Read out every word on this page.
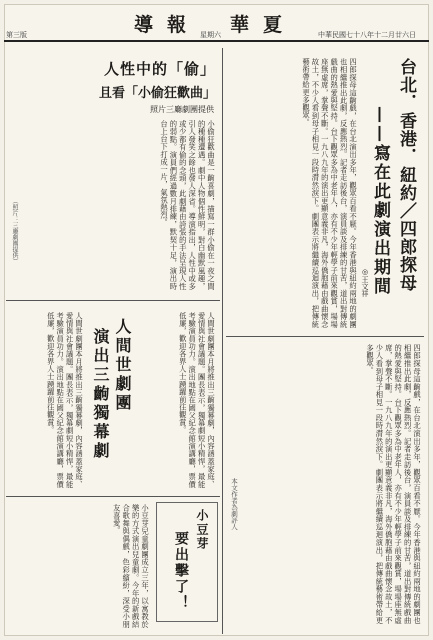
華夏
導報	中華民國七十八年十二月廿六日
星期六
第三版
台北．香港．紐約／四郎探母
——寫在此劇演出期間
◎王文祥
四郎探母這齣戲，在台北演出多年，觀眾百看不厭。今年香港與紐約兩地的劇團也相繼推出此劇，反應熱烈。記者走訪後台，演員談及排練的甘苦，道出對傳統戲曲的熱愛與堅持。台下觀眾多為中老年人，亦有不少年輕學子前來觀賞，場場座無虛席，掌聲不斷。一九八九年的演出更顯意義非凡，海外僑胞藉由戲曲懷念故土，不少人看到母子相見一段時潸然淚下。劇團表示將繼續巡迴演出，把傳統藝術帶給更多觀眾。
四郎探母這齣戲，在台北演出多年，觀眾百看不厭。今年香港與紐約兩地的劇團也相繼推出此劇，反應熱烈。記者走訪後台，演員談及排練的甘苦，道出對傳統戲曲的熱愛與堅持。台下觀眾多為中老年人，亦有不少年輕學子前來觀賞，場場座無虛席，掌聲不斷。一九八九年的演出更顯意義非凡，海外僑胞藉由戲曲懷念故土，不少人看到母子相見一段時潸然淚下。劇團表示將繼續巡迴演出，把傳統藝術帶給更多觀眾。
本文作者為劇評人
人性中的「偷」
且看「小偷狂歡曲」
照片三廳劇團提供
小偷狂歡曲是一齣喜劇，描寫一群小偷在一夜之間的種種遭遇。劇中人物個性鮮明，對白幽默風趣，引人發笑之餘也發人深省。導演指出，人性中或多或少都有偷的念頭，此劇藉由誇張的手法呈現人性的弱點。演員們經過數月排練，默契十足，演出時台上台下打成一片，氣氛熱烈。
（照片：三廳劇團提供）
人間世劇團
演出三齣獨幕劇	人間世劇團本月將推出三齣獨幕劇，內容涵蓋家庭、愛情與社會議題。團長表示，獨幕劇短小精悍，最能考驗演員功力。演出地點在國父紀念館演講廳，票價低廉，歡迎各界人士踴躍前往觀賞。
人間世劇團本月將推出三齣獨幕劇，內容涵蓋家庭、愛情與社會議題。團長表示，獨幕劇短小精悍，最能考驗演員功力。演出地點在國父紀念館演講廳，票價低廉，歡迎各界人士踴躍前往觀賞。
小豆芽
要出擊了！
小豆芽兒童劇團成立三年，以寓教於樂的方式演出兒童劇。今年的新戲結合歌舞與偶戲，色彩繽紛，深受小朋友喜愛。
